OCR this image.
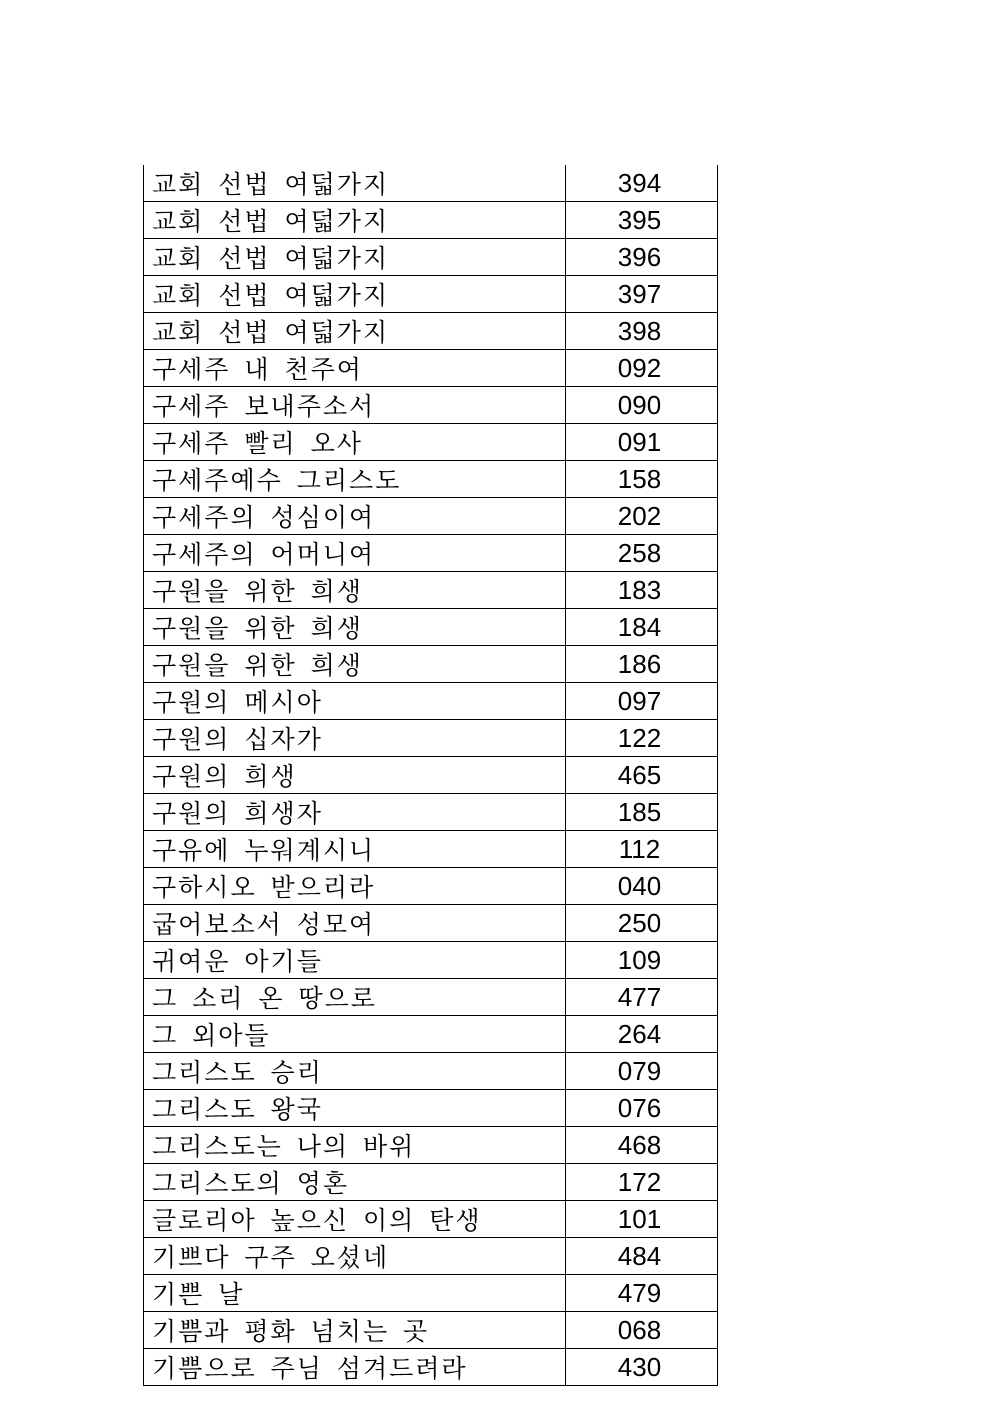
교회 선법 여덟가지	394
교회 선법 여덟가지	395
교회 선법 여덟가지	396
교회 선법 여덟가지	397
교회 선법 여덟가지	398
구세주 내 천주여	092
구세주 보내주소서	090
구세주 빨리 오사	091
구세주예수 그리스도	158
구세주의 성심이여	202
구세주의 어머니여	258
구원을 위한 희생	183
구원을 위한 희생	184
구원을 위한 희생	186
구원의 메시아	097
구원의 십자가	122
구원의 희생	465
구원의 희생자	185
구유에 누워계시니	112
구하시오 받으리라	040
굽어보소서 성모여	250
귀여운 아기들	109
그 소리 온 땅으로	477
그 외아들	264
그리스도 승리	079
그리스도 왕국	076
그리스도는 나의 바위	468
그리스도의 영혼	172
글로리아 높으신 이의 탄생	101
기쁘다 구주 오셨네	484
기쁜 날	479
기쁨과 평화 넘치는 곳	068
기쁨으로 주님 섬겨드려라	430
